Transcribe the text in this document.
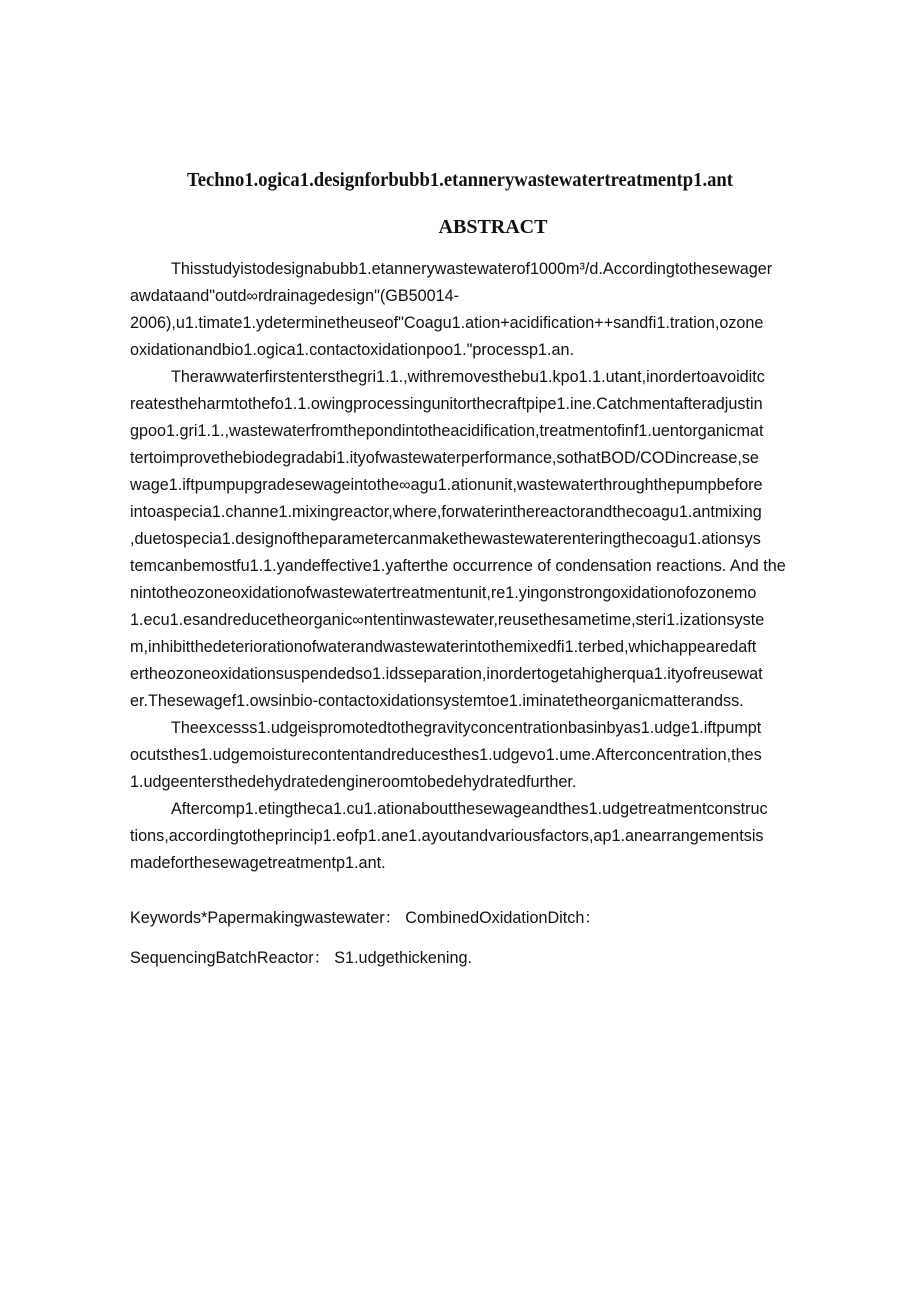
Techno1.ogica1.designforbubb1.etannerywastewatertreatmentp1.ant
ABSTRACT
Thisstudyistodesignabubb1.etannerywastewaterof1000m³/d.Accordingtothesewager
awdataand"outd∞rdrainagedesign"(GB50014-
2006),u1.timate1.ydeterminetheuseof"Coagu1.ation+acidification++sandfi1.tration,ozone
oxidationandbio1.ogica1.contactoxidationpoo1."processp1.an.
Therawwaterfirstentersthegri1.1.,withremovesthebu1.kpo1.1.utant,inordertoavoiditc
reatestheharmtothefo1.1.owingprocessingunitorthecraftpipe1.ine.Catchmentafteradjustin
gpoo1.gri1.1.,wastewaterfromthepondintotheacidification,treatmentofinf1.uentorganicmat
tertoimprovethebiodegradabi1.ityofwastewaterperformance,sothatBOD/CODincrease,se
wage1.iftpumpupgradesewageintothe∞agu1.ationunit,wastewaterthroughthepumpbefore
intoaspecia1.channe1.mixingreactor,where,forwaterinthereactorandthecoagu1.antmixing
,duetospecia1.designoftheparametercanmakethewastewaterenteringthecoagu1.ationsys
temcanbemostfu1.1.yandeffective1.yafterthe occurrence of condensation reactions. And the
nintotheozoneoxidationofwastewatertreatmentunit,re1.yingonstrongoxidationofozonemo
1.ecu1.esandreducetheorganic∞ntentinwastewater,reusethesametime,steri1.izationsyste
m,inhibitthedeteriorationofwaterandwastewaterintothemixedfi1.terbed,whichappearedaft
ertheozoneoxidationsuspendedso1.idsseparation,inordertogetahigherqua1.ityofreusewat
er.Thesewagef1.owsinbio-contactoxidationsystemtoe1.iminatetheorganicmatterandss.
Theexcesss1.udgeispromotedtothegravityconcentrationbasinbyas1.udge1.iftpumpt
ocutsthes1.udgemoisturecontentandreducesthes1.udgevo1.ume.Afterconcentration,thes
1.udgeentersthedehydratedengineroomtobedehydratedfurther.
Aftercomp1.etingtheca1.cu1.ationaboutthesewageandthes1.udgetreatmentconstruc
tions,accordingtotheprincip1.eofp1.ane1.ayoutandvariousfactors,ap1.anearrangementsis
madeforthesewagetreatmentp1.ant.
Keywords*Papermakingwastewater： CombinedOxidationDitch：
SequencingBatchReactor： S1.udgethickening.
